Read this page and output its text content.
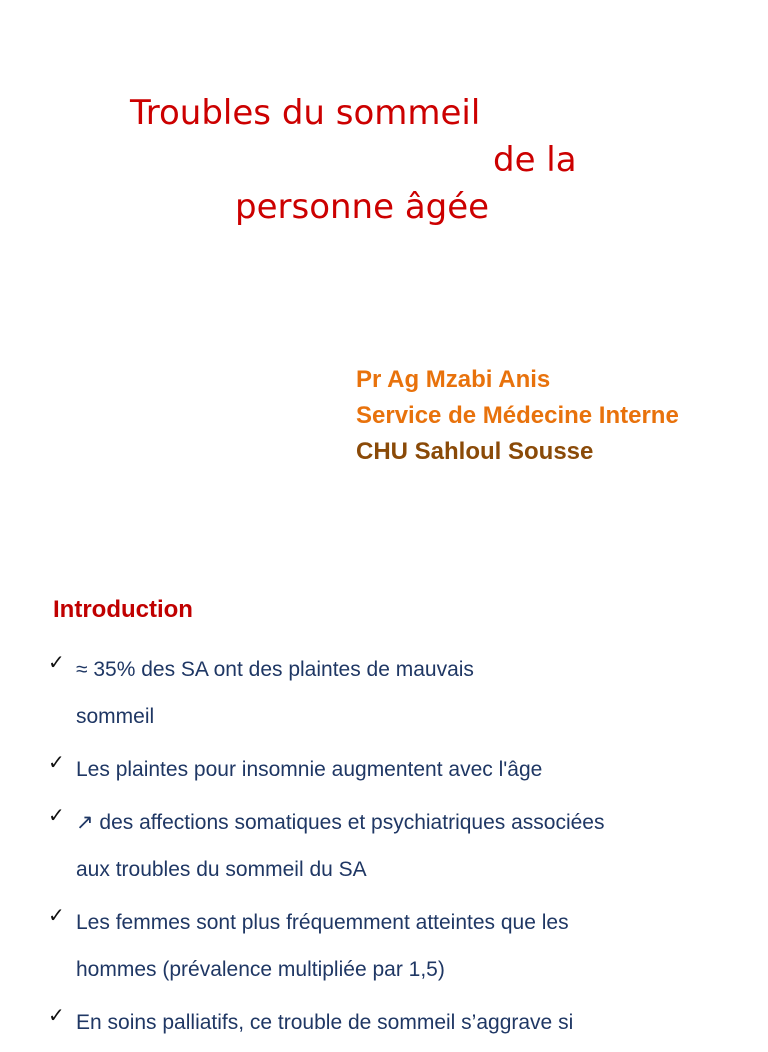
Troubles du sommeil
de la
personne âgée
Pr Ag Mzabi Anis
Service de Médecine Interne
CHU Sahloul Sousse
Introduction
✓ ≈ 35% des SA ont des plaintes de mauvais
sommeil
✓ Les plaintes pour insomnie augmentent avec l'âge
✓ ↗ des affections somatiques et psychiatriques associées
aux troubles du sommeil du SA
✓ Les femmes sont plus fréquemment atteintes que les
hommes (prévalence multipliée par 1,5)
✓ En soins palliatifs, ce trouble de sommeil s’aggrave si
